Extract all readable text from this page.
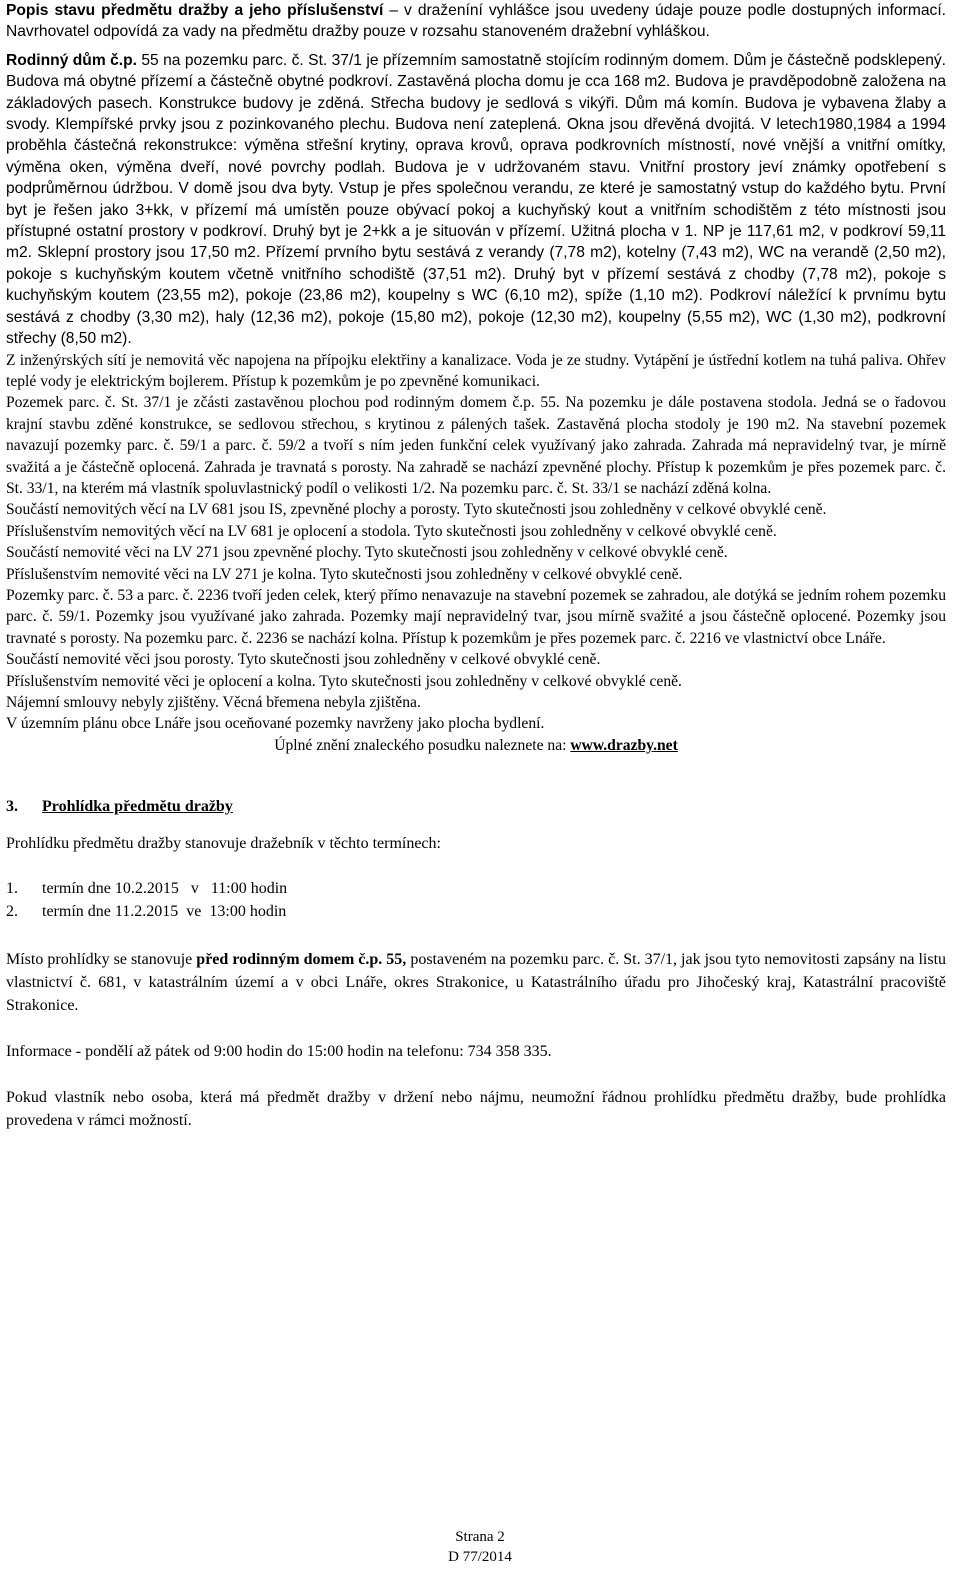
Popis stavu předmětu dražby a jeho příslušenství – v draženíní vyhlášce jsou uvedeny údaje pouze podle dostupných informací. Navrhovatel odpovídá za vady na předmětu dražby pouze v rozsahu stanoveném dražební vyhláškou.

Rodinný dům č.p. 55 na pozemku parc. č. St. 37/1 je přízemním samostatně stojícím rodinným domem. Dům je částečně podsklepený. Budova má obytné přízemí a částečně obytné podkroví. Zastavěná plocha domu je cca 168 m2. Budova je pravděpodobně založena na základových pasech. Konstrukce budovy je zděná. Střecha budovy je sedlová s vikýři. Dům má komín. Budova je vybavena žlaby a svody. Klempířské prvky jsou z pozinkovaného plechu. Budova není zateplená. Okna jsou dřevěná dvojitá. V letech1980,1984 a 1994 proběhla částečná rekonstrukce: výměna střešní krytiny, oprava krovů, oprava podkrovních místností, nové vnější a vnitřní omítky, výměna oken, výměna dveří, nové povrchy podlah. Budova je v udržovaném stavu. Vnitřní prostory jeví známky opotřebení s podprůměrnou údržbou. V domě jsou dva byty. Vstup je přes společnou verandu, ze které je samostatný vstup do každého bytu. První byt je řešen jako 3+kk, v přízemí má umístěn pouze obývací pokoj a kuchyňský kout a vnitřním schodištěm z této místnosti jsou přístupné ostatní prostory v podkroví. Druhý byt je 2+kk a je situován v přízemí. Užitná plocha v 1. NP je 117,61 m2, v podkroví 59,11 m2. Sklepní prostory jsou 17,50 m2. Přízemí prvního bytu sestává z verandy (7,78 m2), kotelny (7,43 m2), WC na verandě (2,50 m2), pokoje s kuchyňským koutem včetně vnitřního schodiště (37,51 m2). Druhý byt v přízemí sestává z chodby (7,78 m2), pokoje s kuchyňským koutem (23,55 m2), pokoje (23,86 m2), koupelny s WC (6,10 m2), spíže (1,10 m2). Podkroví náležící k prvnímu bytu sestává z chodby (3,30 m2), haly (12,36 m2), pokoje (15,80 m2), pokoje (12,30 m2), koupelny (5,55 m2), WC (1,30 m2), podkrovní střechy (8,50 m2).

Z inženýrských sítí je nemovitá věc napojena na přípojku elektřiny a kanalizace. Voda je ze studny. Vytápění je ústřední kotlem na tuhá paliva. Ohřev teplé vody je elektrickým bojlerem. Přístup k pozemkům je po zpevněné komunikaci.

Pozemek parc. č. St. 37/1 je zčásti zastavěnou plochou pod rodinným domem č.p. 55. Na pozemku je dále postavena stodola. Jedná se o řadovou krajní stavbu zděné konstrukce, se sedlovou střechou, s krytinou z pálených tašek. Zastavěná plocha stodoly je 190 m2. Na stavební pozemek navazují pozemky parc. č. 59/1 a parc. č. 59/2 a tvoří s ním jeden funkční celek využívaný jako zahrada. Zahrada má nepravidelný tvar, je mírně svažitá a je částečně oplocená. Zahrada je travnatá s porosty. Na zahradě se nachází zpevněné plochy. Přístup k pozemkům je přes pozemek parc. č. St. 33/1, na kterém má vlastník spoluvlastnický podíl o velikosti 1/2. Na pozemku parc. č. St. 33/1 se nachází zděná kolna.

Součástí nemovitých věcí na LV 681 jsou IS, zpevněné plochy a porosty. Tyto skutečnosti jsou zohledněny v celkové obvyklé ceně.

Příslušenstvím nemovitých věcí na LV 681 je oplocení a stodola. Tyto skutečnosti jsou zohledněny v celkové obvyklé ceně.

Součástí nemovité věci na LV 271 jsou zpevněné plochy. Tyto skutečnosti jsou zohledněny v celkové obvyklé ceně.

Příslušenstvím nemovité věci na LV 271 je kolna. Tyto skutečnosti jsou zohledněny v celkové obvyklé ceně.

Pozemky parc. č. 53 a parc. č. 2236 tvoří jeden celek, který přímo nenavazuje na stavební pozemek se zahradou, ale dotýká se jedním rohem pozemku parc. č. 59/1. Pozemky jsou využívané jako zahrada. Pozemky mají nepravidelný tvar, jsou mírně svažité a jsou částečně oplocené. Pozemky jsou travnaté s porosty. Na pozemku parc. č. 2236 se nachází kolna. Přístup k pozemkům je přes pozemek parc. č. 2216 ve vlastnictví obce Lnáře.

Součástí nemovité věci jsou porosty. Tyto skutečnosti jsou zohledněny v celkové obvyklé ceně.

Příslušenstvím nemovité věci je oplocení a kolna. Tyto skutečnosti jsou zohledněny v celkové obvyklé ceně.

Nájemní smlouvy nebyly zjištěny. Věcná břemena nebyla zjištěna.

V územním plánu obce Lnáře jsou oceňované pozemky navrženy jako plocha bydlení.

Úplné znění znaleckého posudku naleznete na: www.drazby.net

3. Prohlídka předmětu dražby

Prohlídku předmětu dražby stanovuje dražebník v těchto termínech:

1. termín dne 10.2.2015   v   11:00 hodin
2. termín dne 11.2.2015  ve  13:00 hodin

Místo prohlídky se stanovuje před rodinným domem č.p. 55, postaveném na pozemku parc. č. St. 37/1, jak jsou tyto nemovitosti zapsány na listu vlastnictví č. 681, v katastrálním území a v obci Lnáře, okres Strakonice, u Katastrálního úřadu pro Jihočeský kraj, Katastrální pracoviště Strakonice.

Informace - pondělí až pátek od 9:00 hodin do 15:00 hodin na telefonu: 734 358 335.

Pokud vlastník nebo osoba, která má předmět dražby v držení nebo nájmu, neumožní řádnou prohlídku předmětu dražby, bude prohlídka provedena v rámci možností.

Strana 2
D 77/2014
